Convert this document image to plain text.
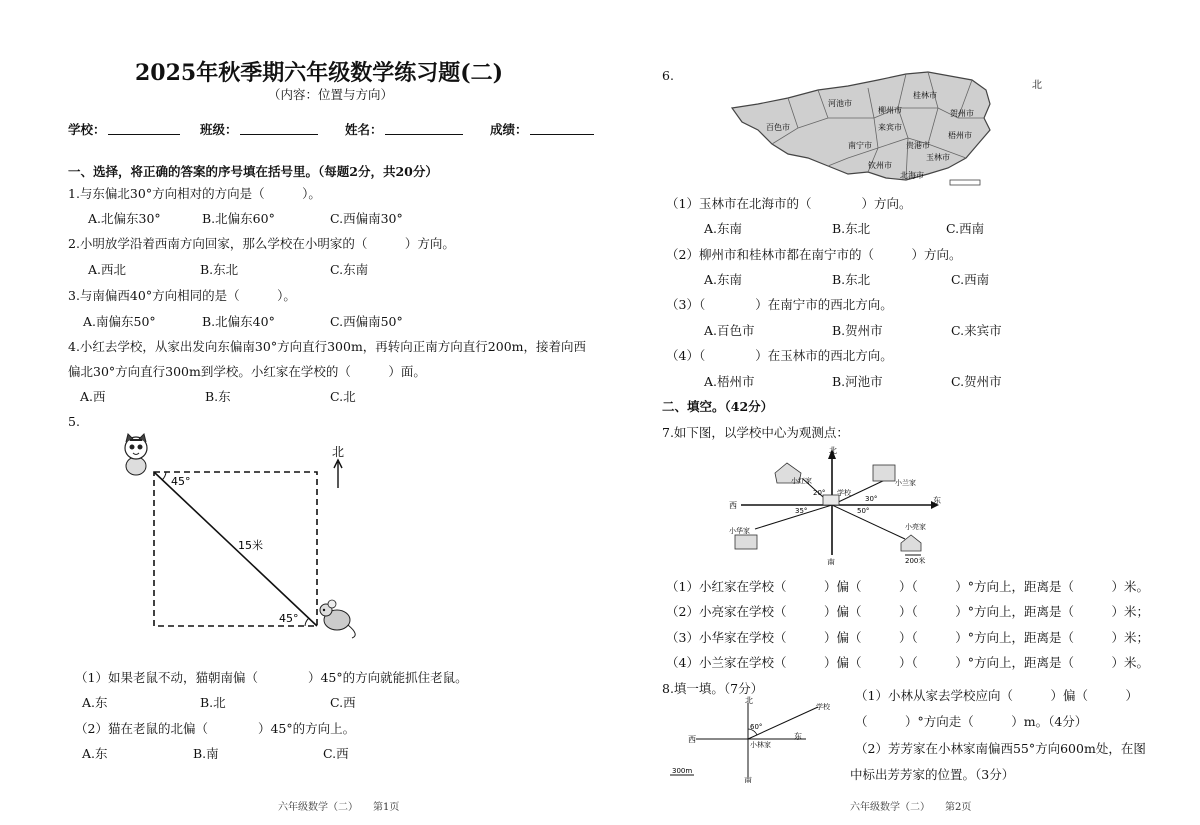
2025年秋季期六年级数学练习题(二)
（内容：位置与方向）
学校：	班级：	姓名：	成绩：
一、选择，将正确的答案的序号填在括号里。（每题2分，共20分）
1.与东偏北30°方向相对的方向是（　　　）。
A.北偏东30°	B.北偏东60°	C.西偏南30°
2.小明放学沿着西南方向回家，那么学校在小明家的（　　　）方向。
A.西北	B.东北	C.东南
3.与南偏西40°方向相同的是（　　　）。
A.南偏东50°	B.北偏东40°	C.西偏南50°
4.小红去学校，从家出发向东偏南30°方向直行300m，再转向正南方向直行200m，接着向西
偏北30°方向直行300m到学校。小红家在学校的（　　　）面。
A.西	B.东	C.北
5.
45°
45°
15米
北
（1）如果老鼠不动，猫朝南偏（　　　　）45°的方向就能抓住老鼠。
A.东	B.北	C.西
（2）猫在老鼠的北偏（　　　　）45°的方向上。
A.东	B.南	C.西
六年级数学（二）　　第1页
6.
桂林市
柳州市	贺州市
河池市
百色市	来宾市
梧州市
南宁市	贵港市
钦州市
玉林市
北海市
北
（1）玉林市在北海市的（　　　　）方向。
A.东南	B.东北	C.西南
（2）柳州市和桂林市都在南宁市的（　　　）方向。
A.东南	B.东北	C.西南
（3）（　　　　）在南宁市的西北方向。
A.百色市	B.贺州市	C.来宾市
（4）（　　　　）在玉林市的西北方向。
A.梧州市	B.河池市	C.贺州市
二、填空。（42分）
7.如下图，以学校中心为观测点：
北
南
东
西
学校
小红家	小兰家
小华家	小亮家
200米
20°
30°
35°	50°
（1）小红家在学校（　　　）偏（　　　）（　　　）°方向上，距离是（　　　）米。
（2）小亮家在学校（　　　）偏（　　　）（　　　）°方向上，距离是（　　　）米；
（3）小华家在学校（　　　）偏（　　　）（　　　）°方向上，距离是（　　　）米；
（4）小兰家在学校（　　　）偏（　　　）（　　　）°方向上，距离是（　　　）米。
8.填一填。（7分）
北
南
东
西
小林家
学校
60°
300m
（1）小林从家去学校应向（　　　）偏（　　　）
（　　　）°方向走（　　　）m。（4分）
（2）芳芳家在小林家南偏西55°方向600m处，在图
中标出芳芳家的位置。（3分）
六年级数学（二）　　第2页
